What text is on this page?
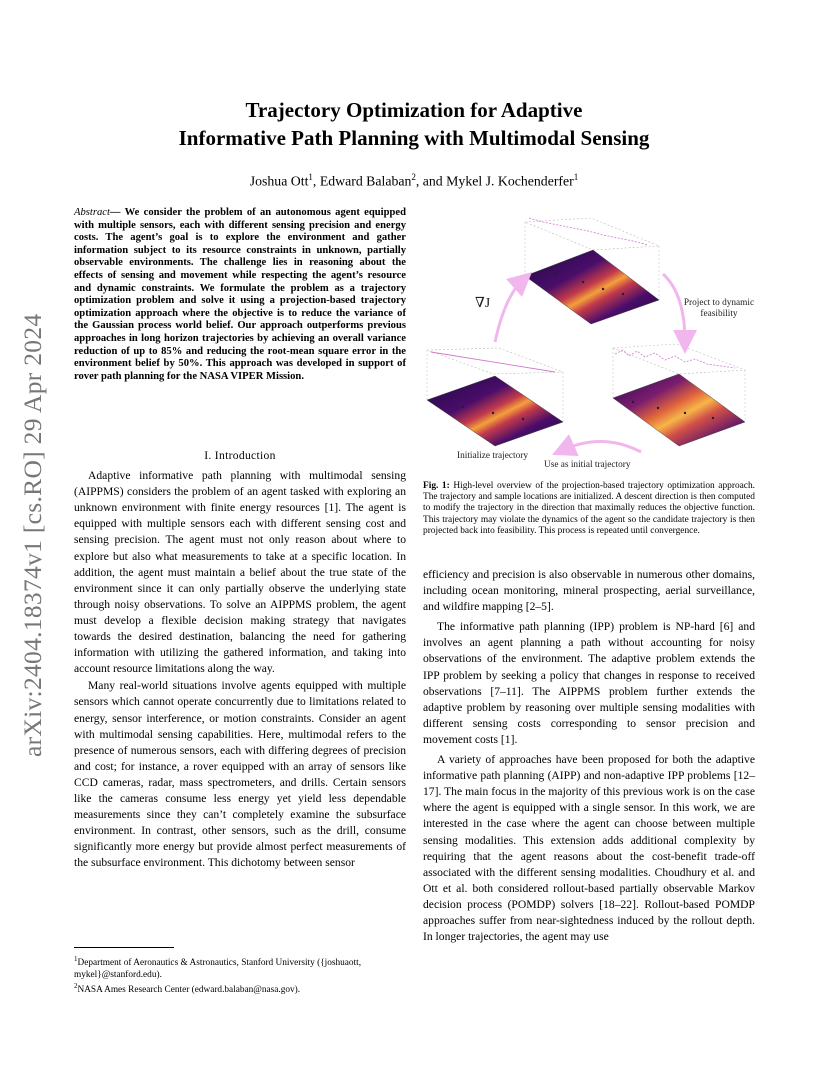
arXiv:2404.18374v1 [cs.RO] 29 Apr 2024
Trajectory Optimization for Adaptive
Informative Path Planning with Multimodal Sensing
Joshua Ott$^1$, Edward Balaban$^2$, and Mykel J. Kochenderfer$^1$
Abstract— We consider the problem of an autonomous agent equipped with multiple sensors, each with different sensing precision and energy costs. The agent’s goal is to explore the environment and gather information subject to its resource constraints in unknown, partially observable environments. The challenge lies in reasoning about the effects of sensing and movement while respecting the agent’s resource and dynamic constraints. We formulate the problem as a trajectory optimization problem and solve it using a projection-based trajectory optimization approach where the objective is to reduce the variance of the Gaussian process world belief. Our approach outperforms previous approaches in long horizon trajectories by achieving an overall variance reduction of up to 85% and reducing the root-mean square error in the environment belief by 50%. This approach was developed in support of rover path planning for the NASA VIPER Mission.
I. Introduction

Adaptive informative path planning with multimodal sensing (AIPPMS) considers the problem of an agent tasked with exploring an unknown environment with finite energy resources [1]. The agent is equipped with multiple sensors each with different sensing cost and sensing precision. The agent must not only reason about where to explore but also what measurements to take at a specific location. In addition, the agent must maintain a belief about the true state of the environment since it can only partially observe the underlying state through noisy observations. To solve an AIPPMS problem, the agent must develop a flexible decision making strategy that navigates towards the desired destination, balancing the need for gathering information with utilizing the gathered information, and taking into account resource limitations along the way.

Many real-world situations involve agents equipped with multiple sensors which cannot operate concurrently due to limitations related to energy, sensor interference, or motion constraints. Consider an agent with multimodal sensing capabilities. Here, multimodal refers to the presence of numerous sensors, each with differing degrees of precision and cost; for instance, a rover equipped with an array of sensors like CCD cameras, radar, mass spectrometers, and drills. Certain sensors like the cameras consume less energy yet yield less dependable measurements since they can’t completely examine the subsurface environment. In contrast, other sensors, such as the drill, consume significantly more energy but provide almost perfect measurements of the subsurface environment. This dichotomy between sensor

$^1$Department of Aeronautics & Astronautics, Stanford University ({joshuaott, mykel}@stanford.edu).
$^2$NASA Ames Research Center (edward.balaban@nasa.gov).
∇J	Project to dynamic
feasibility
Initialize trajectory
Use as initial trajectory
Fig. 1: High-level overview of the projection-based trajectory optimization approach. The trajectory and sample locations are initialized. A descent direction is then computed to modify the trajectory in the direction that maximally reduces the objective function. This trajectory may violate the dynamics of the agent so the candidate trajectory is then projected back into feasibility. This process is repeated until convergence.

efficiency and precision is also observable in numerous other domains, including ocean monitoring, mineral prospecting, aerial surveillance, and wildfire mapping [2–5].

The informative path planning (IPP) problem is NP-hard [6] and involves an agent planning a path without accounting for noisy observations of the environment. The adaptive problem extends the IPP problem by seeking a policy that changes in response to received observations [7–11]. The AIPPMS problem further extends the adaptive problem by reasoning over multiple sensing modalities with different sensing costs corresponding to sensor precision and movement costs [1].

A variety of approaches have been proposed for both the adaptive informative path planning (AIPP) and non-adaptive IPP problems [12–17]. The main focus in the majority of this previous work is on the case where the agent is equipped with a single sensor. In this work, we are interested in the case where the agent can choose between multiple sensing modalities. This extension adds additional complexity by requiring that the agent reasons about the cost-benefit trade-off associated with the different sensing modalities. Choudhury et al. and Ott et al. both considered rollout-based partially observable Markov decision process (POMDP) solvers [18–22]. Rollout-based POMDP approaches suffer from near-sightedness induced by the rollout depth. In longer trajectories, the agent may use
